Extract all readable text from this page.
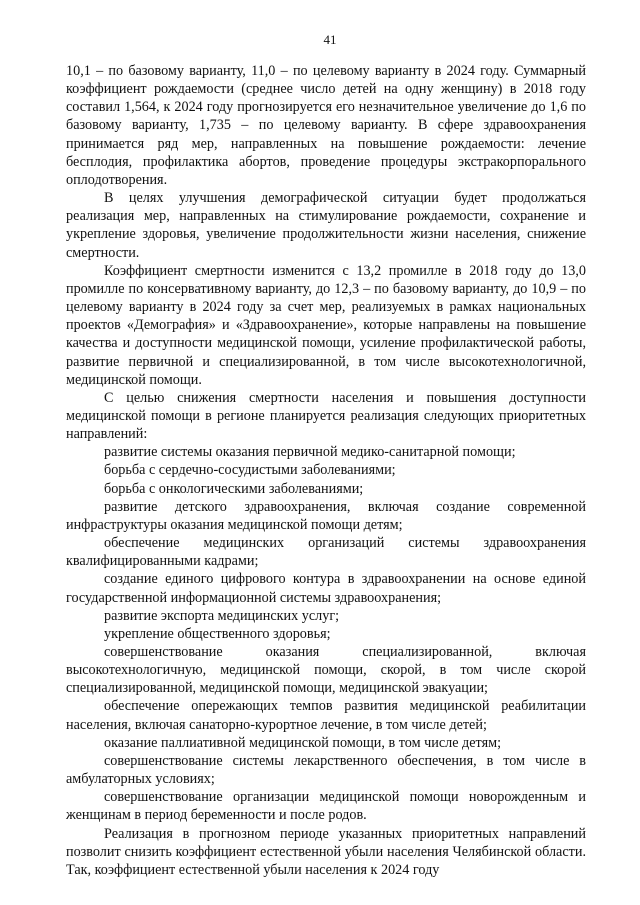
41

10,1 – по базовому варианту, 11,0 – по целевому варианту в 2024 году. Суммарный коэффициент рождаемости (среднее число детей на одну женщину) в 2018 году составил 1,564, к 2024 году прогнозируется его незначительное увеличение до 1,6 по базовому варианту, 1,735 – по целевому варианту. В сфере здравоохранения принимается ряд мер, направленных на повышение рождаемости: лечение бесплодия, профилактика абортов, проведение процедуры экстракорпорального оплодотворения.

В целях улучшения демографической ситуации будет продолжаться реализация мер, направленных на стимулирование рождаемости, сохранение и укрепление здоровья, увеличение продолжительности жизни населения, снижение смертности.

Коэффициент смертности изменится с 13,2 промилле в 2018 году до 13,0 промилле по консервативному варианту, до 12,3 – по базовому варианту, до 10,9 – по целевому варианту в 2024 году за счет мер, реализуемых в рамках национальных проектов «Демография» и «Здравоохранение», которые направлены на повышение качества и доступности медицинской помощи, усиление профилактической работы, развитие первичной и специализированной, в том числе высокотехнологичной, медицинской помощи.

С целью снижения смертности населения и повышения доступности медицинской помощи в регионе планируется реализация следующих приоритетных направлений:

развитие системы оказания первичной медико-санитарной помощи;

борьба с сердечно-сосудистыми заболеваниями;

борьба с онкологическими заболеваниями;

развитие детского здравоохранения, включая создание современной инфраструктуры оказания медицинской помощи детям;

обеспечение медицинских организаций системы здравоохранения квалифицированными кадрами;

создание единого цифрового контура в здравоохранении на основе единой государственной информационной системы здравоохранения;

развитие экспорта медицинских услуг;

укрепление общественного здоровья;

совершенствование оказания специализированной, включая высокотехнологичную, медицинской помощи, скорой, в том числе скорой специализированной, медицинской помощи, медицинской эвакуации;

обеспечение опережающих темпов развития медицинской реабилитации населения, включая санаторно-курортное лечение, в том числе детей;

оказание паллиативной медицинской помощи, в том числе детям;

совершенствование системы лекарственного обеспечения, в том числе в амбулаторных условиях;

совершенствование организации медицинской помощи новорожденным и женщинам в период беременности и после родов.

Реализация в прогнозном периоде указанных приоритетных направлений позволит снизить коэффициент естественной убыли населения Челябинской области. Так, коэффициент естественной убыли населения к 2024 году
